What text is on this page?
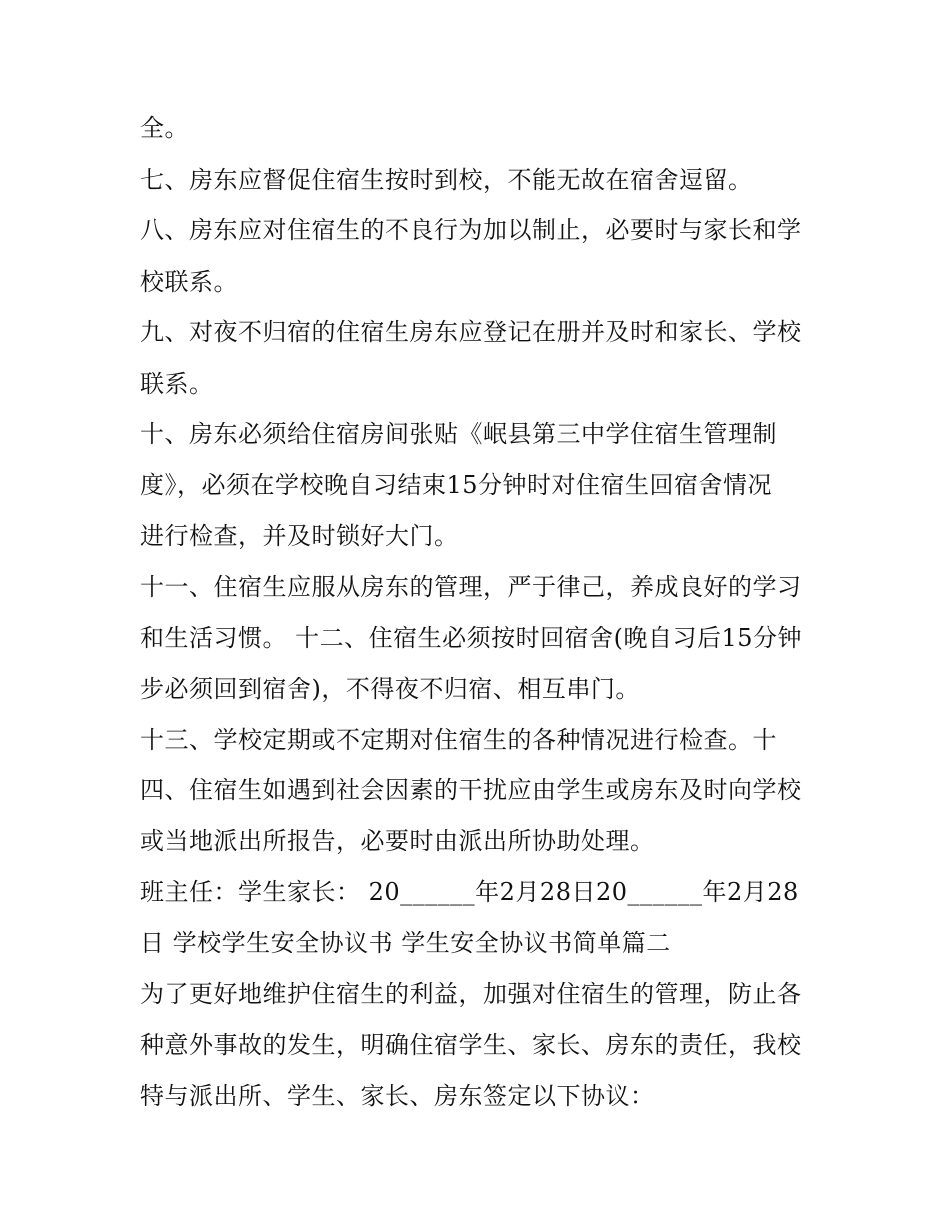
全。
七、房东应督促住宿生按时到校，不能无故在宿舍逗留。
八、房东应对住宿生的不良行为加以制止，必要时与家长和学
校联系。
九、对夜不归宿的住宿生房东应登记在册并及时和家长、学校
联系。
十、房东必须给住宿房间张贴《岷县第三中学住宿生管理制
度》，必须在学校晚自习结束15分钟时对住宿生回宿舍情况
进行检查，并及时锁好大门。
十一、住宿生应服从房东的管理，严于律己，养成良好的学习
和生活习惯。 十二、住宿生必须按时回宿舍(晚自习后15分钟
步必须回到宿舍)，不得夜不归宿、相互串门。
十三、学校定期或不定期对住宿生的各种情况进行检查。十
四、住宿生如遇到社会因素的干扰应由学生或房东及时向学校
或当地派出所报告，必要时由派出所协助处理。
班主任：学生家长： 20______年2月28日20______年2月28
日 学校学生安全协议书 学生安全协议书简单篇二
为了更好地维护住宿生的利益，加强对住宿生的管理，防止各
种意外事故的发生，明确住宿学生、家长、房东的责任，我校
特与派出所、学生、家长、房东签定以下协议：
